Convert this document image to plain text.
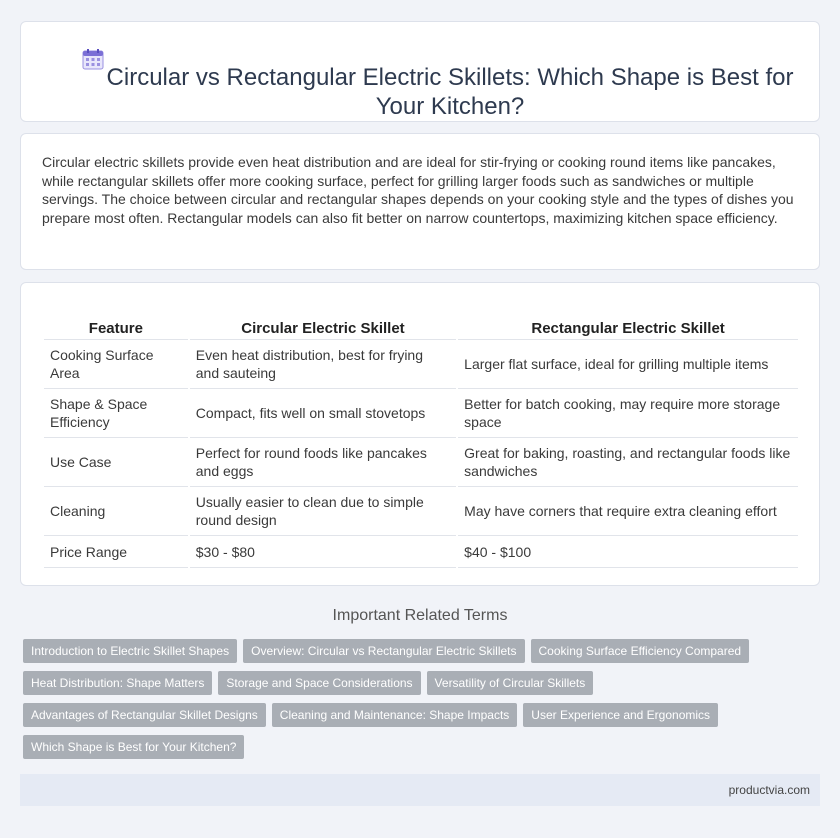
Circular vs Rectangular Electric Skillets: Which Shape is Best for Your Kitchen?

Circular electric skillets provide even heat distribution and are ideal for stir-frying or cooking round items like pancakes, while rectangular skillets offer more cooking surface, perfect for grilling larger foods such as sandwiches or multiple servings. The choice between circular and rectangular shapes depends on your cooking style and the types of dishes you prepare most often. Rectangular models can also fit better on narrow countertops, maximizing kitchen space efficiency.

Feature	Circular Electric Skillet	Rectangular Electric Skillet
Cooking Surface Area	Even heat distribution, best for frying and sauteing	Larger flat surface, ideal for grilling multiple items
Shape & Space Efficiency	Compact, fits well on small stovetops	Better for batch cooking, may require more storage space
Use Case	Perfect for round foods like pancakes and eggs	Great for baking, roasting, and rectangular foods like sandwiches
Cleaning	Usually easier to clean due to simple round design	May have corners that require extra cleaning effort
Price Range	$30 - $80	$40 - $100
Important Related Terms
Introduction to Electric Skillet Shapes	Overview: Circular vs Rectangular Electric Skillets	Cooking Surface Efficiency Compared
Heat Distribution: Shape Matters	Storage and Space Considerations	Versatility of Circular Skillets
Advantages of Rectangular Skillet Designs	Cleaning and Maintenance: Shape Impacts	User Experience and Ergonomics
Which Shape is Best for Your Kitchen?
productvia.com
